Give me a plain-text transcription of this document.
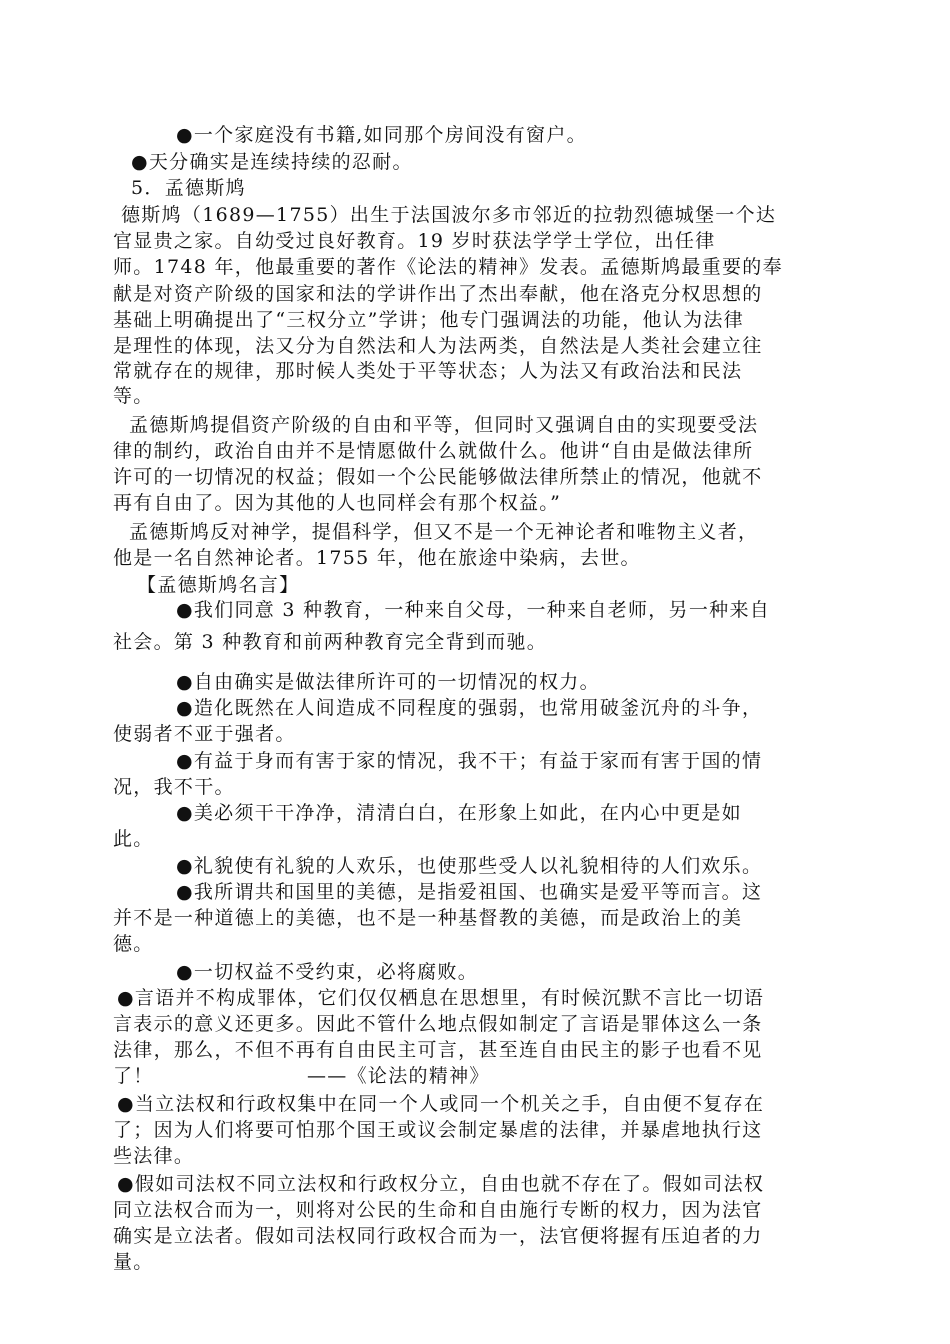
●一个家庭没有书籍,如同那个房间没有窗户。
●天分确实是连续持续的忍耐。
5．孟德斯鸠
德斯鸠（1689—1755）出生于法国波尔多市邻近的拉勃烈德城堡一个达
官显贵之家。自幼受过良好教育。19 岁时获法学学士学位，出任律
师。1748 年，他最重要的著作《论法的精神》发表。孟德斯鸠最重要的奉
献是对资产阶级的国家和法的学讲作出了杰出奉献，他在洛克分权思想的
基础上明确提出了“三权分立”学讲；他专门强调法的功能，他认为法律
是理性的体现，法又分为自然法和人为法两类，自然法是人类社会建立往
常就存在的规律，那时候人类处于平等状态；人为法又有政治法和民法
等。
孟德斯鸠提倡资产阶级的自由和平等，但同时又强调自由的实现要受法
律的制约，政治自由并不是情愿做什么就做什么。他讲“自由是做法律所
许可的一切情况的权益；假如一个公民能够做法律所禁止的情况，他就不
再有自由了。因为其他的人也同样会有那个权益。”
孟德斯鸠反对神学，提倡科学，但又不是一个无神论者和唯物主义者，
他是一名自然神论者。1755 年，他在旅途中染病，去世。
【孟德斯鸠名言】
●我们同意 3 种教育，一种来自父母，一种来自老师，另一种来自
社会。第 3 种教育和前两种教育完全背到而驰。
●自由确实是做法律所许可的一切情况的权力。
●造化既然在人间造成不同程度的强弱，也常用破釜沉舟的斗争，
使弱者不亚于强者。
●有益于身而有害于家的情况，我不干；有益于家而有害于国的情
况，我不干。
●美必须干干净净，清清白白，在形象上如此，在内心中更是如
此。
●礼貌使有礼貌的人欢乐，也使那些受人以礼貌相待的人们欢乐。
●我所谓共和国里的美德，是指爱祖国、也确实是爱平等而言。这
并不是一种道德上的美德，也不是一种基督教的美德，而是政治上的美
德。
●一切权益不受约束，必将腐败。
●言语并不构成罪体，它们仅仅栖息在思想里，有时候沉默不言比一切语
言表示的意义还更多。因此不管什么地点假如制定了言语是罪体这么一条
法律，那么，不但不再有自由民主可言，甚至连自由民主的影子也看不见
了！	——《论法的精神》
●当立法权和行政权集中在同一个人或同一个机关之手，自由便不复存在
了；因为人们将要可怕那个国王或议会制定暴虐的法律，并暴虐地执行这
些法律。
●假如司法权不同立法权和行政权分立，自由也就不存在了。假如司法权
同立法权合而为一，则将对公民的生命和自由施行专断的权力，因为法官
确实是立法者。假如司法权同行政权合而为一，法官便将握有压迫者的力
量。
